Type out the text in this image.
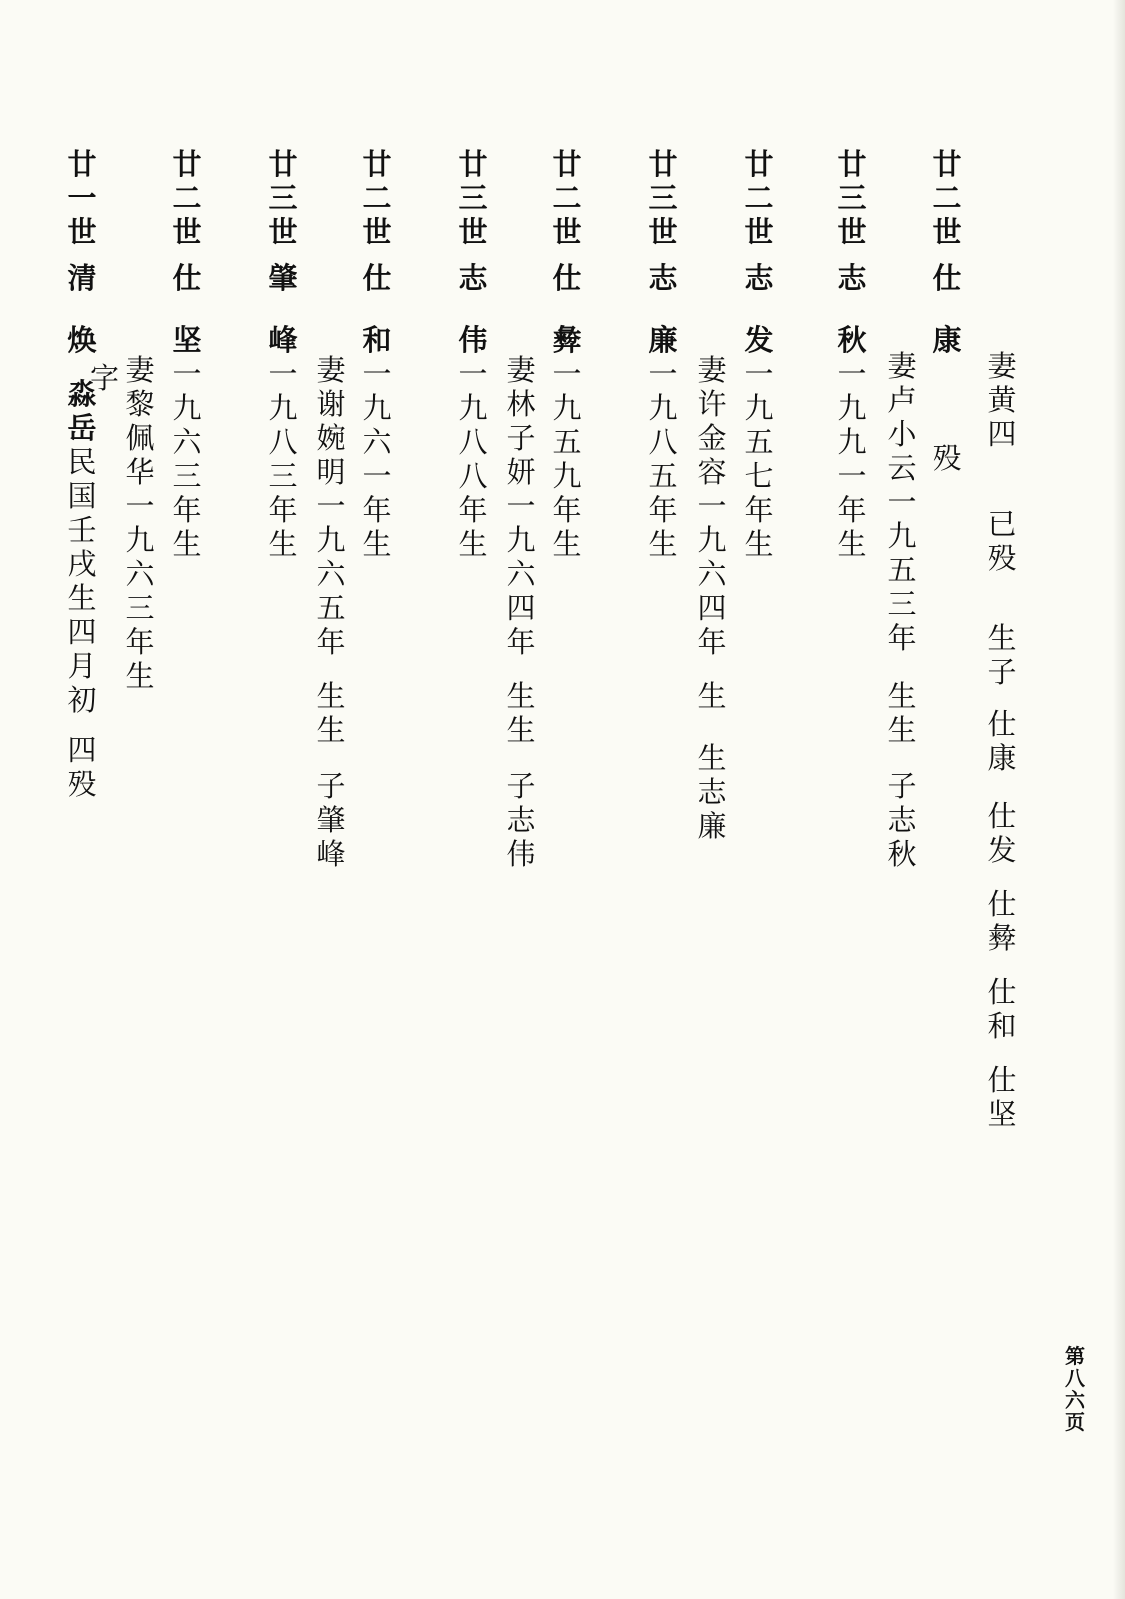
妻
黄
四
已
殁
生
子
仕
康
仕
发
仕
彜
仕
和
仕
坚
廿
二
世
仕
康
殁
妻
卢
小
云
一
九
五
三
年
生
生
子
志
秋
廿
三
世
志
秋
一
九
九
一
年
生
廿
二
世
志
发
一
九
五
七
年
生
妻
许
金
容
一
九
六
四
年
生
生
志
廉
廿
三
世
志
廉
一
九
八
五
年
生
廿
二
世
仕
彜
一
九
五
九
年
生
妻
林
子
妍
一
九
六
四
年
生
生
子
志
伟
廿
三
世
志
伟
一
九
八
八
年
生
廿
二
世
仕
和
一
九
六
一
年
生
妻
谢
婉
明
一
九
六
五
年
生
生
子
肇
峰
廿
三
世
肇
峰
一
九
八
三
年
生
廿
二
世
仕
坚
一
九
六
三
年
生
妻
黎
佩
华
一
九
六
三
年
生
廿
一
世
清
焕
字
淼
岳
民
国
壬
戌
生
四
月
初
四
殁
第
八
六
页
